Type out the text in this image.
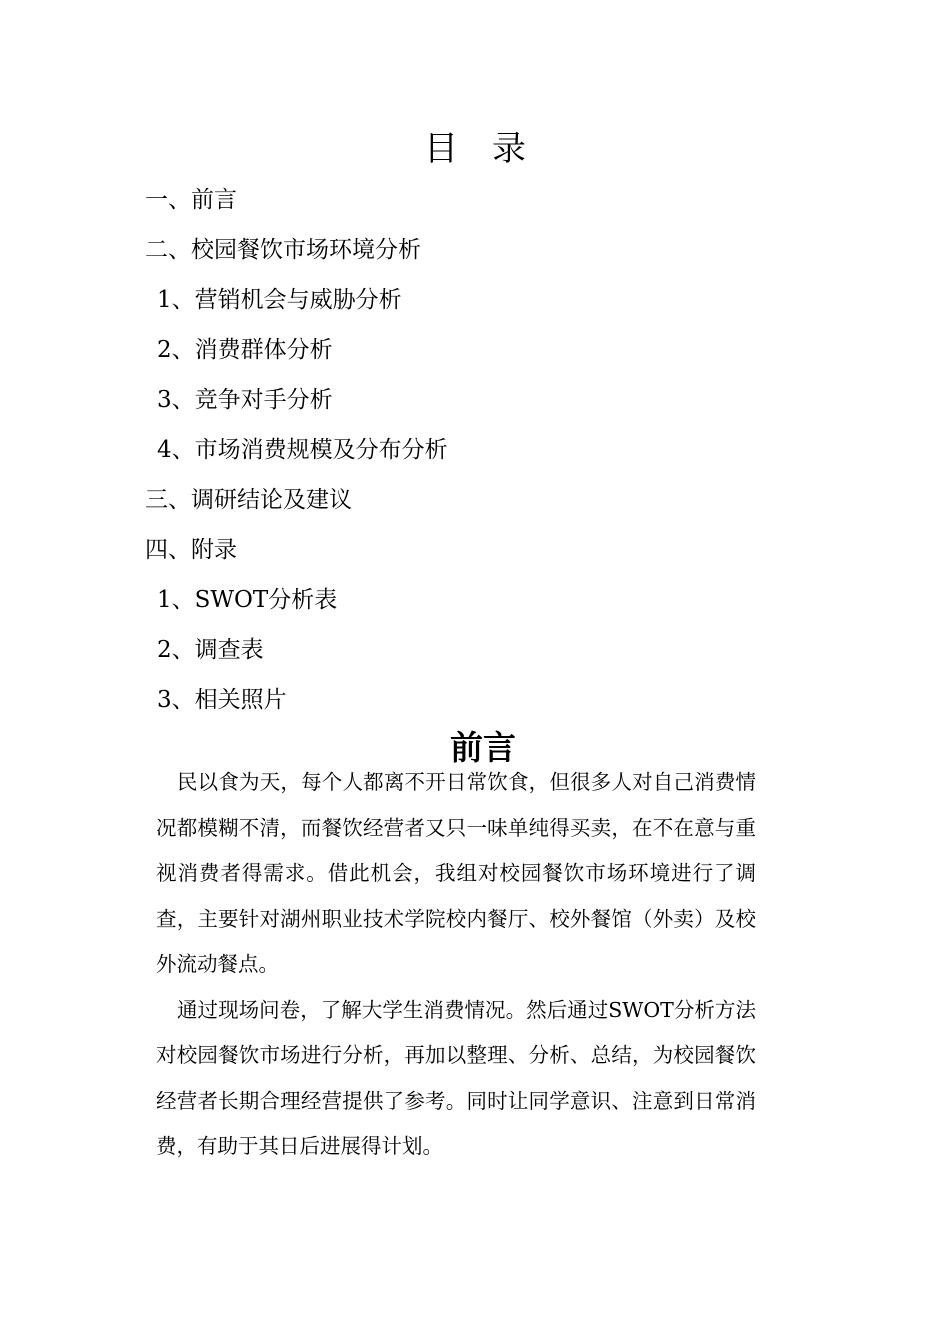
目录
一、前言
二、校园餐饮市场环境分析
1、营销机会与威胁分析
2、消费群体分析
3、竞争对手分析
4、市场消费规模及分布分析
三、调研结论及建议
四、附录
1、SWOT分析表
2、调查表
3、相关照片
前言

民以食为天，每个人都离不开日常饮食，但很多人对自己消费情况都模糊不清，而餐饮经营者又只一味单纯得买卖，在不在意与重视消费者得需求。借此机会，我组对校园餐饮市场环境进行了调查，主要针对湖州职业技术学院校内餐厅、校外餐馆（外卖）及校外流动餐点。

通过现场问卷，了解大学生消费情况。然后通过SWOT分析方法对校园餐饮市场进行分析，再加以整理、分析、总结，为校园餐饮经营者长期合理经营提供了参考。同时让同学意识、注意到日常消费，有助于其日后进展得计划。
